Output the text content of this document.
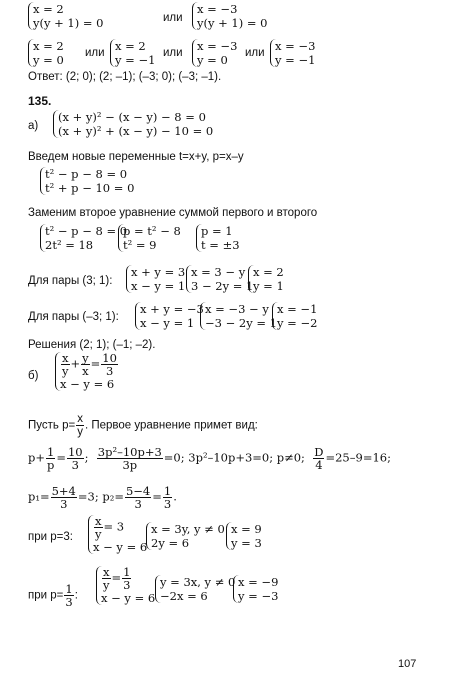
x = 2
y(y + 1) = 0	или
x = −3
y(y + 1) = 0
x = 2
y = 0 или x = 2
y = −1 или x = −3
y = 0	или x = −3
y = −1
Ответ: (2; 0); (2; –1); (–3; 0); (–3; –1).
135.
а)
(x + y)² − (x − y) − 8 = 0
(x + y)² + (x − y) − 10 = 0
Введем новые переменные t=x+y, p=x–y
t² − p − 8 = 0
t² + p − 10 = 0
Заменим второе уравнение суммой первого и второго
t² − p − 8 = 0
2t² = 18
p = t² − 8
t² = 9
p = 1
t = ±3
Для пары (3; 1):
x + y = 3
x − y = 1
x = 3 − y
3 − 2y = 1
x = 2
y = 1
Для пары (–3; 1):
x + y = −3
x − y = 1
x = −3 − y
−3 − 2y = 1
x = −1
y = −2
Решения (2; 1); (–1; –2).
$б) \frac{x}{y} + \frac{y}{x} = \frac{10}{3}$
x − y = 6
Пусть $p= \frac{x}{y}$ . Первое уравнение примет вид:
$p+ \frac{1}{p} = \frac{10}{3}$ ; $\frac{\text{3p²–10p+3}}{3p} =0$; 3p²–10p+3=0; p≠0; $\frac{D}{4} =25-9=16$;
$p_1= \frac{5+4}{3} =3$; $p_2= \frac{5-4}{3} = \frac{1}{3}$ .
при p=3: $\frac{x}{y} = 3$
x − y = 6
x = 3y, y ≠ 0
2y = 6
x = 9
y = 3
при $p= \frac{1}{3}$ :
$\frac{x}{y} = \frac{1}{3}$
x − y = 6
y = 3x, y ≠ 0
−2x = 6
x = −9
y = −3
107
